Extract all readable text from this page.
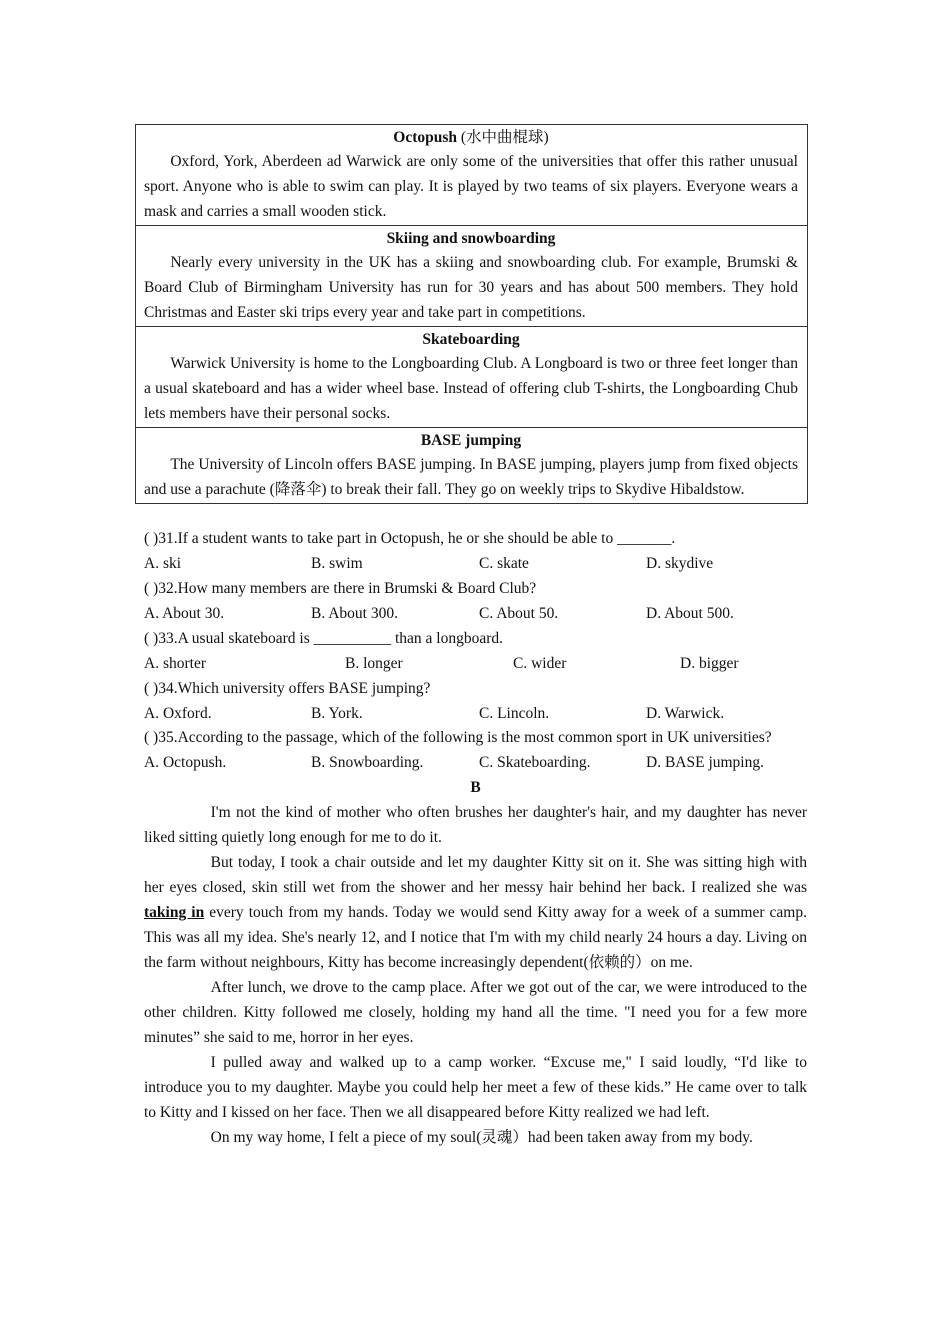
Octopush (水中曲棍球)
Oxford, York, Aberdeen ad Warwick are only some of the universities that offer this rather unusual sport. Anyone who is able to swim can play. It is played by two teams of six players. Everyone wears a mask and carries a small wooden stick.
Skiing and snowboarding
Nearly every university in the UK has a skiing and snowboarding club. For example, Brumski & Board Club of Birmingham University has run for 30 years and has about 500 members. They hold Christmas and Easter ski trips every year and take part in competitions.
Skateboarding
Warwick University is home to the Longboarding Club. A Longboard is two or three feet longer than a usual skateboard and has a wider wheel base. Instead of offering club T-shirts, the Longboarding Chub lets members have their personal socks.
BASE jumping
The University of Lincoln offers BASE jumping. In BASE jumping, players jump from fixed objects and use a parachute (降落伞) to break their fall. They go on weekly trips to Skydive Hibaldstow.
( )31.If a student wants to take part in Octopush, he or she should be able to _______.
A. ski	B. swim	C. skate	D. skydive
( )32.How many members are there in Brumski & Board Club?
A. About 30.	B. About 300.	C. About 50.	D. About 500.
( )33.A usual skateboard is __________ than a longboard.
A. shorter	B. longer	C. wider	D. bigger
( )34.Which university offers BASE jumping?
A. Oxford.	B. York.	C. Lincoln.	D. Warwick.
( )35.According to the passage, which of the following is the most common sport in UK universities?
A. Octopush.	B. Snowboarding.	C. Skateboarding.	D. BASE jumping.
B
I'm not the kind of mother who often brushes her daughter's hair, and my daughter has never liked sitting quietly long enough for me to do it.
But today, I took a chair outside and let my daughter Kitty sit on it. She was sitting high with her eyes closed, skin still wet from the shower and her messy hair behind her back. I realized she was taking in every touch from my hands. Today we would send Kitty away for a week of a summer camp. This was all my idea. She's nearly 12, and I notice that I'm with my child nearly 24 hours a day. Living on the farm without neighbours, Kitty has become increasingly dependent(依赖的）on me.
After lunch, we drove to the camp place. After we got out of the car, we were introduced to the other children. Kitty followed me closely, holding my hand all the time. "I need you for a few more minutes” she said to me, horror in her eyes.
I pulled away and walked up to a camp worker. “Excuse me," I said loudly, “I'd like to introduce you to my daughter. Maybe you could help her meet a few of these kids.” He came over to talk to Kitty and I kissed on her face. Then we all disappeared before Kitty realized we had left.
On my way home, I felt a piece of my soul(灵魂）had been taken away from my body.
